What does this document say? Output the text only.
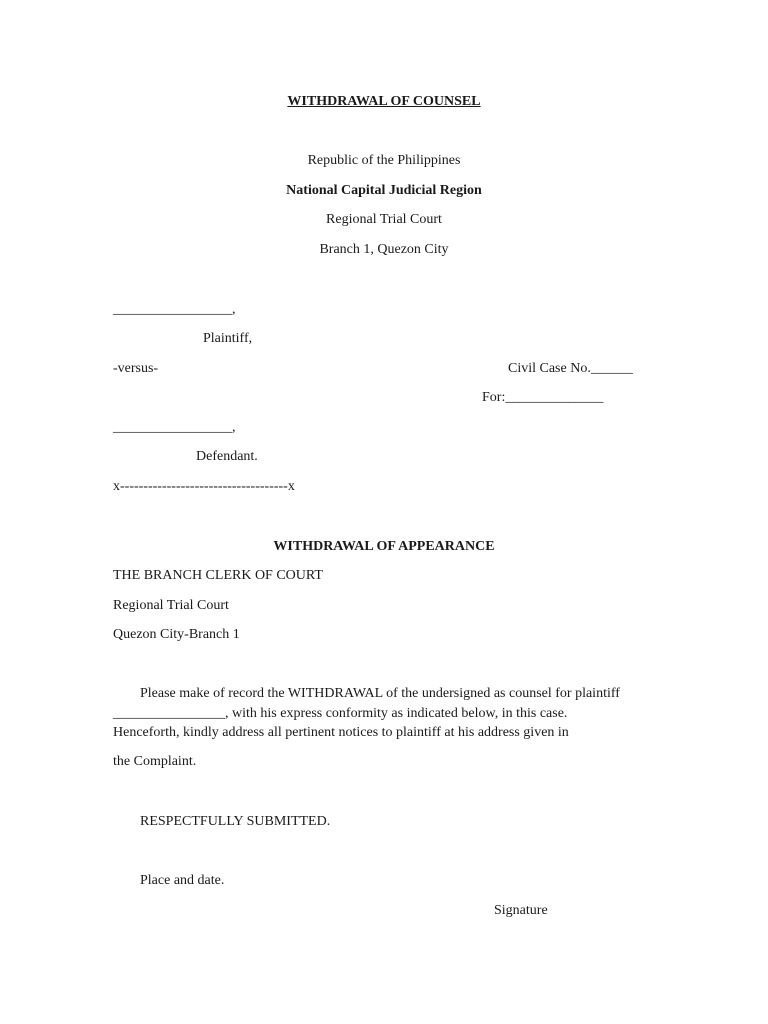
WITHDRAWAL OF COUNSEL
Republic of the Philippines
National Capital Judicial Region
Regional Trial Court
Branch 1, Quezon City
_________________,
Plaintiff,
-versus-	Civil Case No.______
For:______________
_________________,
Defendant.
x------------------------------------x
WITHDRAWAL OF APPEARANCE
THE BRANCH CLERK OF COURT
Regional Trial Court
Quezon City-Branch 1
Please make of record the WITHDRAWAL of the undersigned as counsel for plaintiff
________________, with his express conformity as indicated below, in this case.
Henceforth, kindly address all pertinent notices to plaintiff at his address given in
the Complaint.
RESPECTFULLY SUBMITTED.
Place and date.
Signature
